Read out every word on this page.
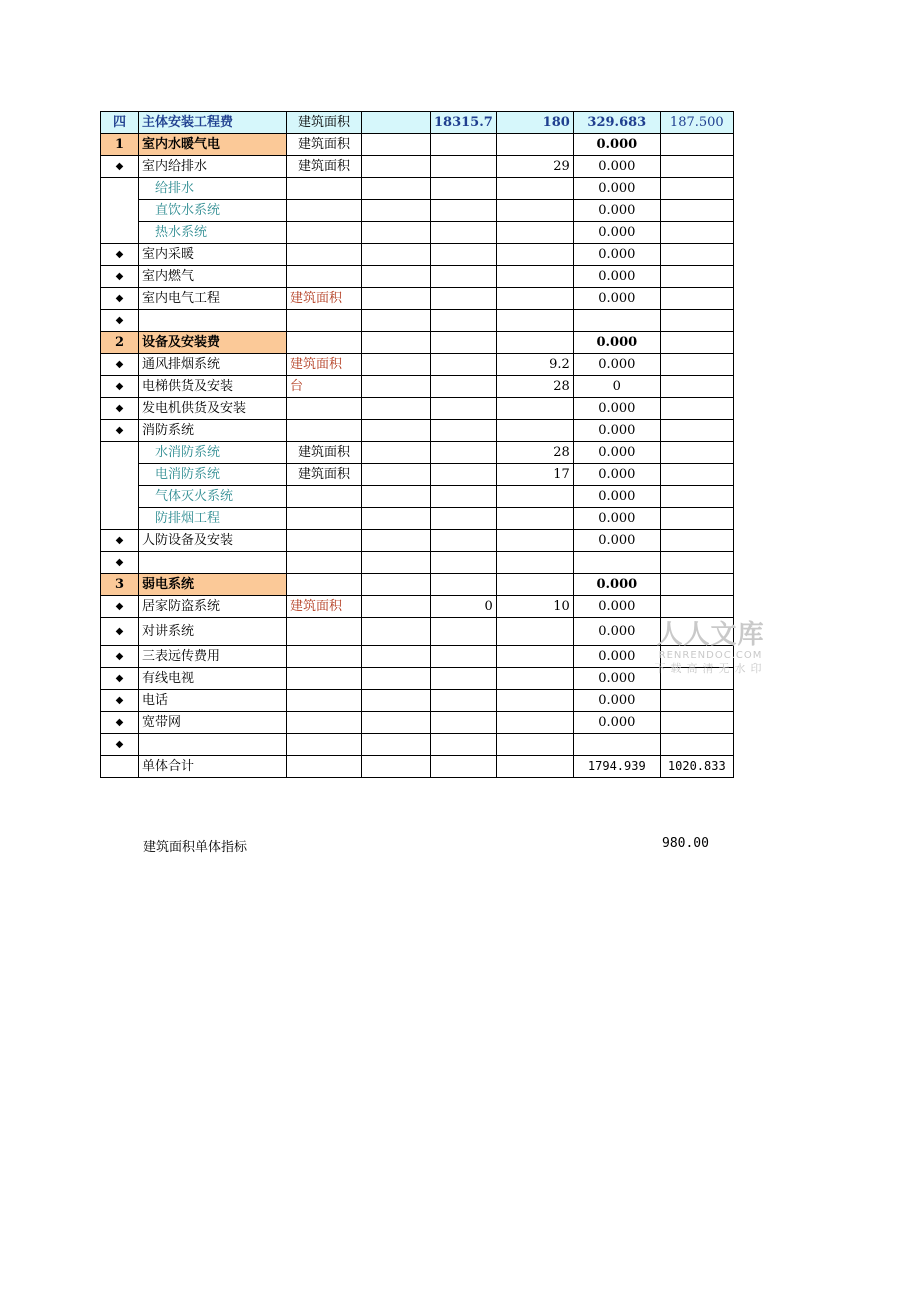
四	主体安装工程费	建筑面积		18315.7	180	329.683	187.500
1	室内水暖气电	建筑面积				0.000	
◆	室内给排水	建筑面积			29	0.000	
	给排水					0.000	
	直饮水系统					0.000	
	热水系统					0.000	
◆	室内采暖					0.000	
◆	室内燃气					0.000	
◆	室内电气工程	建筑面积				0.000	
◆							
2	设备及安装费					0.000	
◆	通风排烟系统	建筑面积			9.2	0.000	
◆	电梯供货及安装	台			28	0	
◆	发电机供货及安装					0.000	
◆	消防系统					0.000	
	水消防系统	建筑面积			28	0.000	
	电消防系统	建筑面积			17	0.000	
	气体灭火系统					0.000	
	防排烟工程					0.000	
◆	人防设备及安装					0.000	
◆							
3	弱电系统					0.000	
◆	居家防盗系统	建筑面积		0	10	0.000	
◆	对讲系统					0.000	
◆	三表远传费用					0.000	
◆	有线电视					0.000	
◆	电话					0.000	
◆	宽带网					0.000	
◆							
	单体合计					1794.939	1020.833
建筑面积单体指标	980.00
人人文库
RENRENDOC.COM
下载高清无水印
